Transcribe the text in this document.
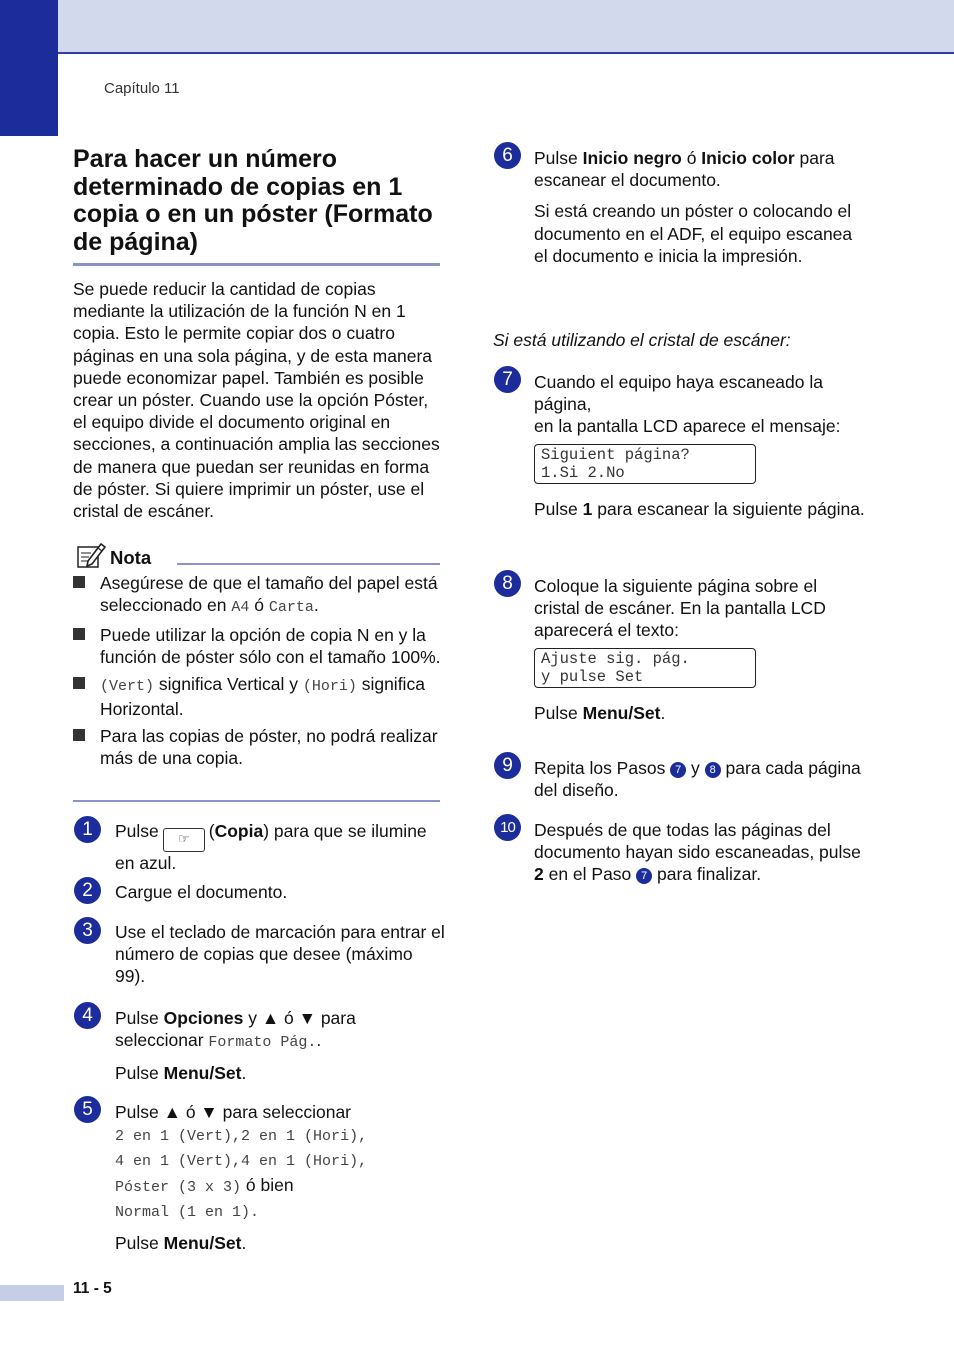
Capítulo 11
Para hacer un número determinado de copias en 1 copia o en un póster (Formato de página)

Se puede reducir la cantidad de copias mediante la utilización de la función N en 1 copia. Esto le permite copiar dos o cuatro páginas en una sola página, y de esta manera puede economizar papel. También es posible crear un póster. Cuando use la opción Póster, el equipo divide el documento original en secciones, a continuación amplia las secciones de manera que puedan ser reunidas en forma de póster. Si quiere imprimir un póster, use el cristal de escáner.

Nota
Asegúrese de que el tamaño del papel está seleccionado en A4 ó Carta.
Puede utilizar la opción de copia N en y la función de póster sólo con el tamaño 100%.
(Vert) significa Vertical y (Hori) significa Horizontal.
Para las copias de póster, no podrá realizar más de una copia.
1	Pulse ☞ (Copia) para que se ilumine en azul.

2	Cargue el documento.

3	Use el teclado de marcación para entrar el número de copias que desee (máximo 99).

4	Pulse Opciones y ▲ ó ▼ para seleccionar Formato Pág..

Pulse Menu/Set.

5	Pulse ▲ ó ▼ para seleccionar
2 en 1 (Vert),2 en 1 (Hori),
4 en 1 (Vert),4 en 1 (Hori),
Póster (3 x 3) ó bien
Normal (1 en 1).

Pulse Menu/Set.

6	Pulse Inicio negro ó Inicio color para escanear el documento.

Si está creando un póster o colocando el documento en el ADF, el equipo escanea el documento e inicia la impresión.

Si está utilizando el cristal de escáner:
7	Cuando el equipo haya escaneado la página,
en la pantalla LCD aparece el mensaje:

Siguient página?
1.Si 2.No

Pulse 1 para escanear la siguiente página.

8	Coloque la siguiente página sobre el cristal de escáner. En la pantalla LCD aparecerá el texto:

Ajuste sig. pág.
y pulse Set

Pulse Menu/Set.

9	Repita los Pasos 7 y 8 para cada página del diseño.

10	Después de que todas las páginas del documento hayan sido escaneadas, pulse 2 en el Paso 7 para finalizar.

11 - 5
